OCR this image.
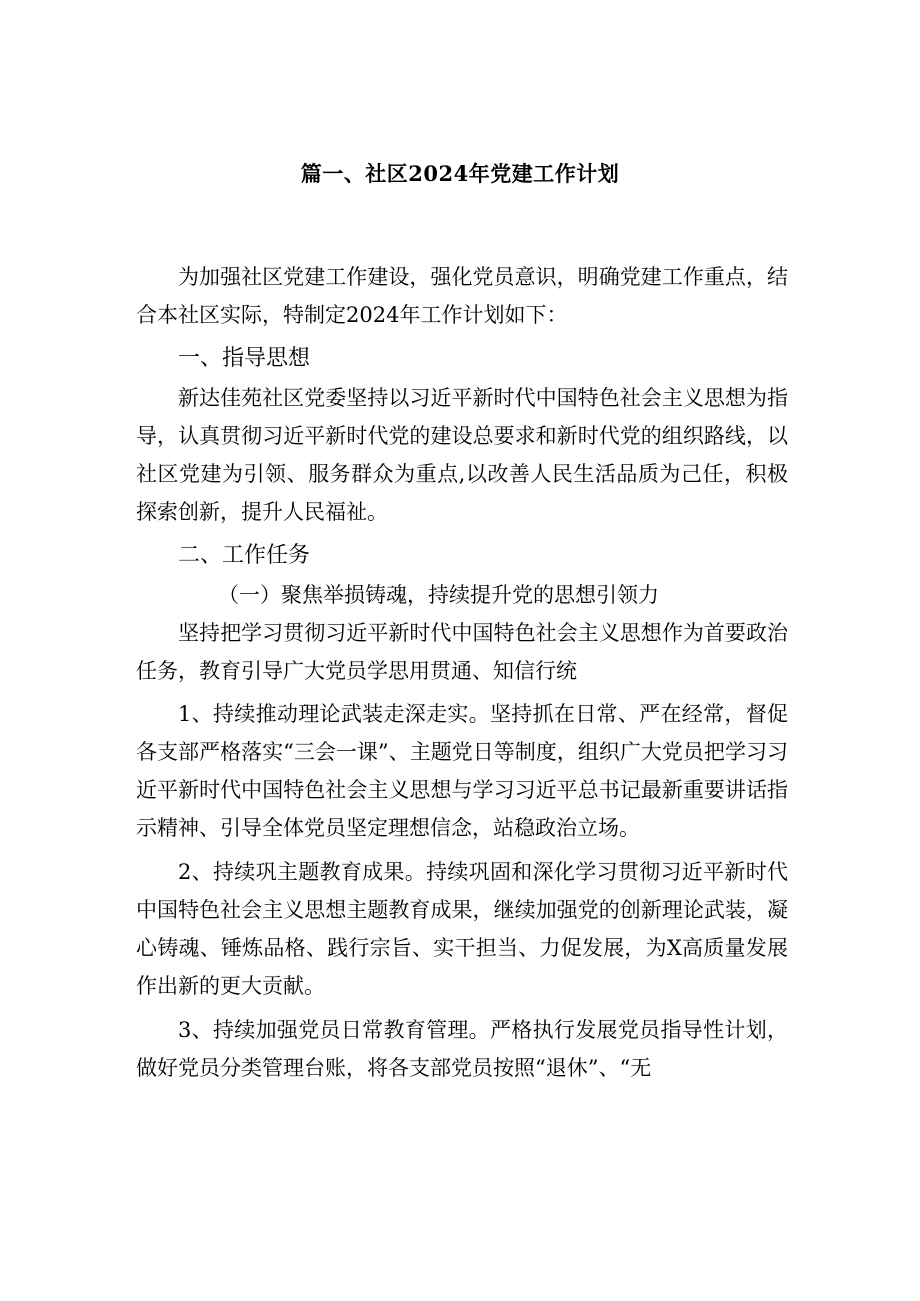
篇一、社区2024年党建工作计划

为加强社区党建工作建设，强化党员意识，明确党建工作重点，结合本社区实际，特制定2024年工作计划如下：

一、指导思想

新达佳苑社区党委坚持以习近平新时代中国特色社会主义思想为指导，认真贯彻习近平新时代党的建设总要求和新时代党的组织路线，以社区党建为引领、服务群众为重点,以改善人民生活品质为己任，积极探索创新，提升人民福祉。

二、工作任务

（一）聚焦举损铸魂，持续提升党的思想引领力

坚持把学习贯彻习近平新时代中国特色社会主义思想作为首要政治任务，教育引导广大党员学思用贯通、知信行统

1、持续推动理论武装走深走实。坚持抓在日常、严在经常，督促各支部严格落实“三会一课”、主题党日等制度，组织广大党员把学习习近平新时代中国特色社会主义思想与学习习近平总书记最新重要讲话指示精神、引导全体党员坚定理想信念，站稳政治立场。

2、持续巩主题教育成果。持续巩固和深化学习贯彻习近平新时代中国特色社会主义思想主题教育成果，继续加强党的创新理论武装，凝心铸魂、锤炼品格、践行宗旨、实干担当、力促发展，为X高质量发展作出新的更大贡献。

3、持续加强党员日常教育管理。严格执行发展党员指导性计划，做好党员分类管理台账，将各支部党员按照“退休”、“无
